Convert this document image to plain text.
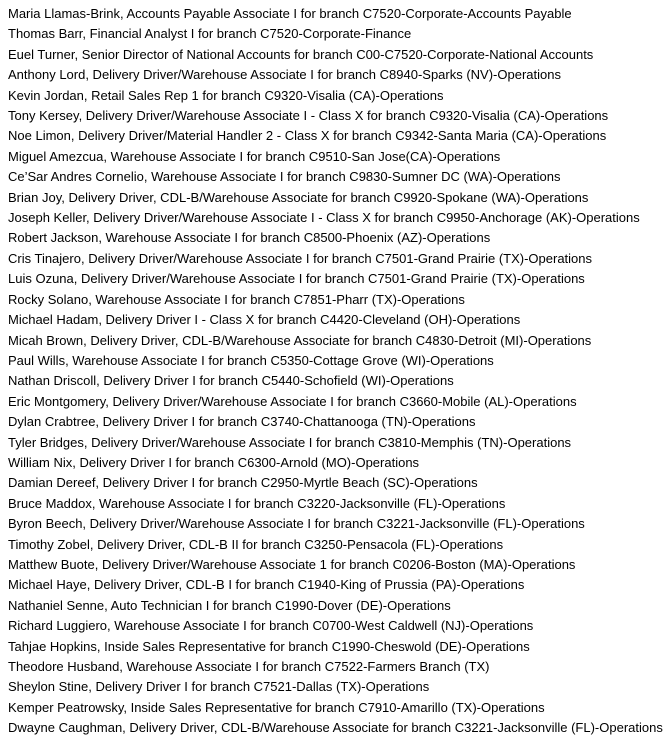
Maria Llamas-Brink, Accounts Payable Associate I for branch C7520-Corporate-Accounts Payable
Thomas Barr, Financial Analyst I for branch C7520-Corporate-Finance
Euel Turner, Senior Director of National Accounts for branch C00-C7520-Corporate-National Accounts
Anthony Lord, Delivery Driver/Warehouse Associate I for branch C8940-Sparks (NV)-Operations
Kevin Jordan, Retail Sales Rep 1 for branch C9320-Visalia (CA)-Operations
Tony Kersey, Delivery Driver/Warehouse Associate I - Class X for branch C9320-Visalia (CA)-Operations
Noe Limon, Delivery Driver/Material Handler 2 - Class X for branch C9342-Santa Maria (CA)-Operations
Miguel Amezcua, Warehouse Associate I for branch C9510-San Jose(CA)-Operations
Ce’Sar Andres Cornelio, Warehouse Associate I for branch C9830-Sumner DC (WA)-Operations
Brian Joy, Delivery Driver, CDL-B/Warehouse Associate for branch C9920-Spokane (WA)-Operations
Joseph Keller, Delivery Driver/Warehouse Associate I - Class X for branch C9950-Anchorage (AK)-Operations
Robert Jackson, Warehouse Associate I for branch C8500-Phoenix (AZ)-Operations
Cris Tinajero, Delivery Driver/Warehouse Associate I for branch C7501-Grand Prairie (TX)-Operations
Luis Ozuna, Delivery Driver/Warehouse Associate I for branch C7501-Grand Prairie (TX)-Operations
Rocky Solano, Warehouse Associate I for branch C7851-Pharr (TX)-Operations
Michael Hadam, Delivery Driver I - Class X for branch C4420-Cleveland (OH)-Operations
Micah Brown, Delivery Driver, CDL-B/Warehouse Associate for branch C4830-Detroit (MI)-Operations
Paul Wills, Warehouse Associate I for branch C5350-Cottage Grove (WI)-Operations
Nathan Driscoll, Delivery Driver I for branch C5440-Schofield (WI)-Operations
Eric Montgomery, Delivery Driver/Warehouse Associate I for branch C3660-Mobile (AL)-Operations
Dylan Crabtree, Delivery Driver I for branch C3740-Chattanooga (TN)-Operations
Tyler Bridges, Delivery Driver/Warehouse Associate I for branch C3810-Memphis (TN)-Operations
William Nix, Delivery Driver I for branch C6300-Arnold (MO)-Operations
Damian Dereef, Delivery Driver I for branch C2950-Myrtle Beach (SC)-Operations
Bruce Maddox, Warehouse Associate I for branch C3220-Jacksonville (FL)-Operations
Byron Beech, Delivery Driver/Warehouse Associate I for branch C3221-Jacksonville (FL)-Operations
Timothy Zobel, Delivery Driver, CDL-B II for branch C3250-Pensacola (FL)-Operations
Matthew Buote, Delivery Driver/Warehouse Associate 1 for branch C0206-Boston (MA)-Operations
Michael Haye, Delivery Driver, CDL-B I for branch C1940-King of Prussia (PA)-Operations
Nathaniel Senne, Auto Technician I for branch C1990-Dover (DE)-Operations
Richard Luggiero, Warehouse Associate I for branch C0700-West Caldwell (NJ)-Operations
Tahjae Hopkins, Inside Sales Representative for branch C1990-Cheswold (DE)-Operations
Theodore Husband, Warehouse Associate I for branch C7522-Farmers Branch (TX)
Sheylon Stine, Delivery Driver I for branch C7521-Dallas (TX)-Operations
Kemper Peatrowsky, Inside Sales Representative for branch C7910-Amarillo (TX)-Operations
Dwayne Caughman, Delivery Driver, CDL-B/Warehouse Associate for branch C3221-Jacksonville (FL)-Operations
